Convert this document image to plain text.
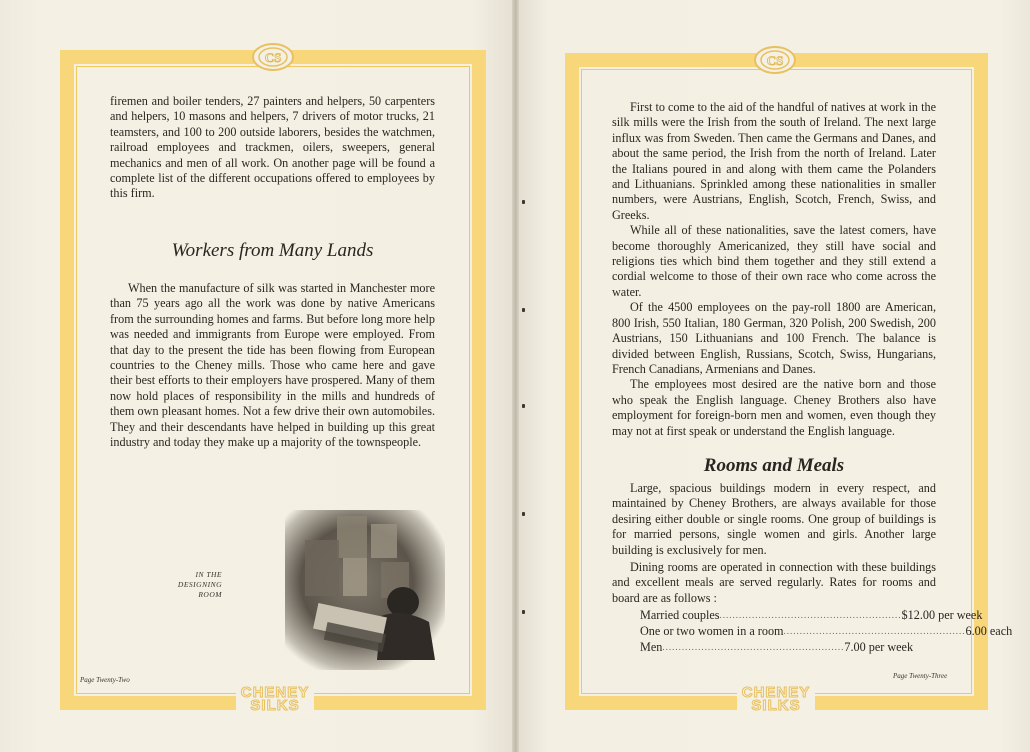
CS	CS
CHENEY
SILKS
CHENEY
SILKS

firemen and boiler tenders, 27 painters and helpers, 50 carpenters and helpers, 10 masons and helpers, 7 drivers of motor trucks, 21 teamsters, and 100 to 200 outside laborers, besides the watchmen, railroad employees and trackmen, oilers, sweepers, general mechanics and men of all work. On another page will be found a complete list of the different occupations offered to employees by this firm.

Workers from Many Lands

When the manufacture of silk was started in Manchester more than 75 years ago all the work was done by native Americans from the surrounding homes and farms. But before long more help was needed and immigrants from Europe were employed. From that day to the present the tide has been flowing from European countries to the Cheney mills. Those who came here and gave their best efforts to their employers have prospered. Many of them now hold places of responsibility in the mills and hundreds of them own pleasant homes. Not a few drive their own automobiles. They and their descendants have helped in building up this great industry and today they make up a majority of the townspeople.

IN THE
DESIGNING
ROOM
Page Twenty-Two

First to come to the aid of the handful of natives at work in the silk mills were the Irish from the south of Ireland. The next large influx was from Sweden. Then came the Germans and Danes, and about the same period, the Irish from the north of Ireland. Later the Italians poured in and along with them came the Polanders and Lithuanians. Sprinkled among these nationalities in smaller numbers, were Austrians, English, Scotch, French, Swiss, and Greeks.

While all of these nationalities, save the latest comers, have become thoroughly Americanized, they still have social and religions ties which bind them together and they still extend a cordial welcome to those of their own race who come across the water.

Of the 4500 employees on the pay-roll 1800 are American, 800 Irish, 550 Italian, 180 German, 320 Polish, 200 Swedish, 200 Austrians, 150 Lithuanians and 100 French. The balance is divided between English, Russians, Scotch, Swiss, Hungarians, French Canadians, Armenians and Danes.

The employees most desired are the native born and those who speak the English language. Cheney Brothers also have employment for foreign-born men and women, even though they may not at first speak or understand the English language.

Rooms and Meals

Large, spacious buildings modern in every respect, and maintained by Cheney Brothers, are always available for those desiring either double or single rooms. One group of buildings is for married persons, single women and girls. Another large building is exclusively for men.

Dining rooms are operated in connection with these buildings and excellent meals are served regularly. Rates for rooms and board are as follows :

Married couples ........................................................ $12.00 per week
One or two women in a room ........................................................ 6.00 each
Men ........................................................ 7.00 per week
Page Twenty-Three
